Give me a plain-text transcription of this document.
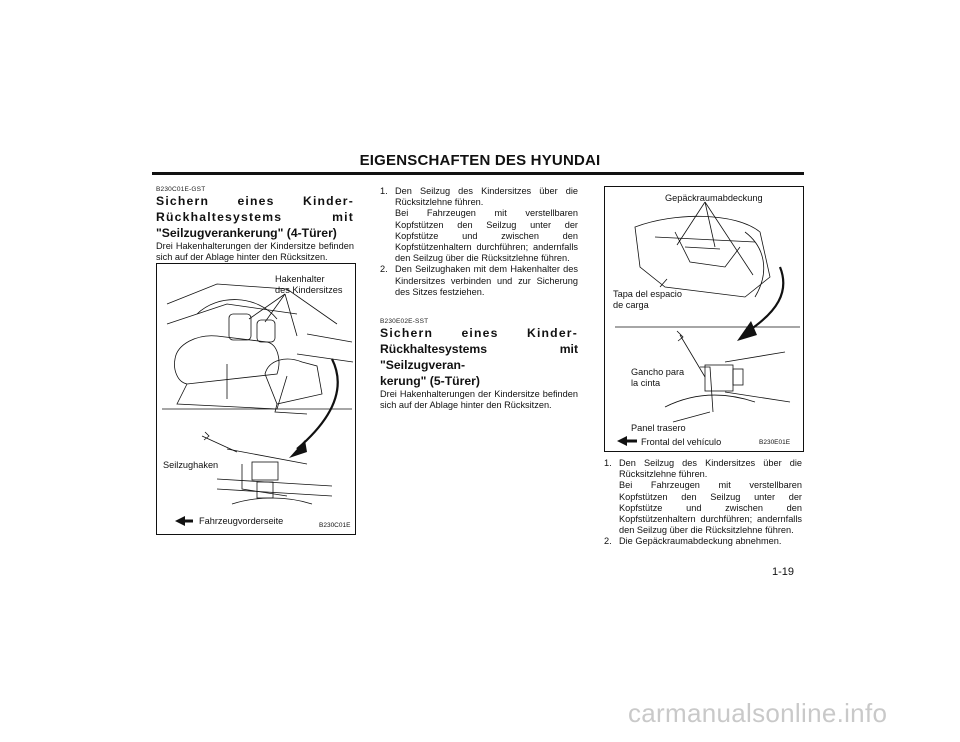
EIGENSCHAFTEN DES HYUNDAI
B230C01E-GST
Sichern eines Kinder-
Rückhaltesystems mit
"Seilzugverankerung" (4-Türer)
Drei Hakenhalterungen der Kindersitze befinden sich auf der Ablage hinter den Rücksitzen.
Hakenhalter
des Kindersitzes
Seilzughaken
Fahrzeugvorderseite	B230C01E
1. Den Seilzug des Kindersitzes über die Rücksitzlehne führen.
Bei Fahrzeugen mit verstellbaren Kopfstützen den Seilzug unter der Kopfstütze und zwischen den Kopfstützenhaltern durchführen; andernfalls den Seilzug über die Rücksitzlehne führen.
2. Den Seilzughaken mit dem Hakenhalter des Kindersitzes verbinden und zur Sicherung des Sitzes festziehen.
B230E02E-SST
Sichern eines Kinder-
Rückhaltesystems mit "Seilzugveran-
kerung" (5-Türer)
Drei Hakenhalterungen der Kindersitze befinden sich auf der Ablage hinter den Rücksitzen.
Gepäckraumabdeckung
Tapa del espacio
de carga
Gancho para
la cinta
Panel trasero
Frontal del vehículo	B230E01E
1. Den Seilzug des Kindersitzes über die Rücksitzlehne führen.
Bei Fahrzeugen mit verstellbaren Kopfstützen den Seilzug unter der Kopfstütze und zwischen den Kopfstützenhaltern durchführen; andernfalls den Seilzug über die Rücksitzlehne führen.
2. Die Gepäckraumabdeckung abnehmen.
1-19
carmanualsonline.info
